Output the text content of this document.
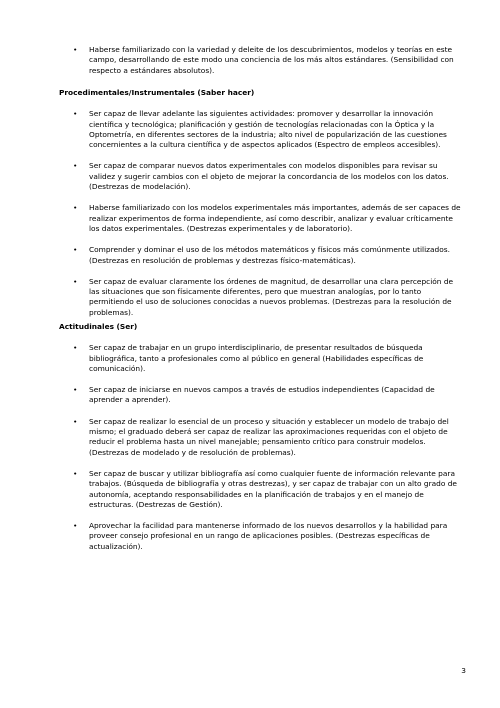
• Haberse familiarizado con la variedad y deleite de los descubrimientos, modelos y teorías en este campo, desarrollando de este modo una conciencia de los más altos estándares. (Sensibilidad con respecto a estándares absolutos).
Procedimentales/Instrumentales (Saber hacer)
• Ser capaz de llevar adelante las siguientes actividades: promover y desarrollar la innovación científica y tecnológica; planificación y gestión de tecnologías relacionadas con la Óptica y la Optometría, en diferentes sectores de la industria; alto nivel de popularización de las cuestiones concernientes a la cultura científica y de aspectos aplicados (Espectro de empleos accesibles).
• Ser capaz de comparar nuevos datos experimentales con modelos disponibles para revisar su validez y sugerir cambios con el objeto de mejorar la concordancia de los modelos con los datos. (Destrezas de modelación).
• Haberse familiarizado con los modelos experimentales más importantes, además de ser capaces de realizar experimentos de forma independiente, así como describir, analizar y evaluar críticamente los datos experimentales. (Destrezas experimentales y de laboratorio).
• Comprender y dominar el uso de los métodos matemáticos y físicos más comúnmente utilizados. (Destrezas en resolución de problemas y destrezas físico-matemáticas).
• Ser capaz de evaluar claramente los órdenes de magnitud, de desarrollar una clara percepción de las situaciones que son físicamente diferentes, pero que muestran analogías, por lo tanto permitiendo el uso de soluciones conocidas a nuevos problemas. (Destrezas para la resolución de problemas).
Actitudinales (Ser)
• Ser capaz de trabajar en un grupo interdisciplinario, de presentar resultados de búsqueda bibliográfica, tanto a profesionales como al público en general (Habilidades específicas de comunicación).
• Ser capaz de iniciarse en nuevos campos a través de estudios independientes (Capacidad de aprender a aprender).
• Ser capaz de realizar lo esencial de un proceso y situación y establecer un modelo de trabajo del mismo; el graduado deberá ser capaz de realizar las aproximaciones requeridas con el objeto de reducir el problema hasta un nivel manejable; pensamiento crítico para construir modelos. (Destrezas de modelado y de resolución de problemas).
• Ser capaz de buscar y utilizar bibliografía así como cualquier fuente de información relevante para trabajos. (Búsqueda de bibliografía y otras destrezas), y ser capaz de trabajar con un alto grado de autonomía, aceptando responsabilidades en la planificación de trabajos y en el manejo de estructuras. (Destrezas de Gestión).
• Aprovechar la facilidad para mantenerse informado de los nuevos desarrollos y la habilidad para proveer consejo profesional en un rango de aplicaciones posibles. (Destrezas específicas de actualización).
3
